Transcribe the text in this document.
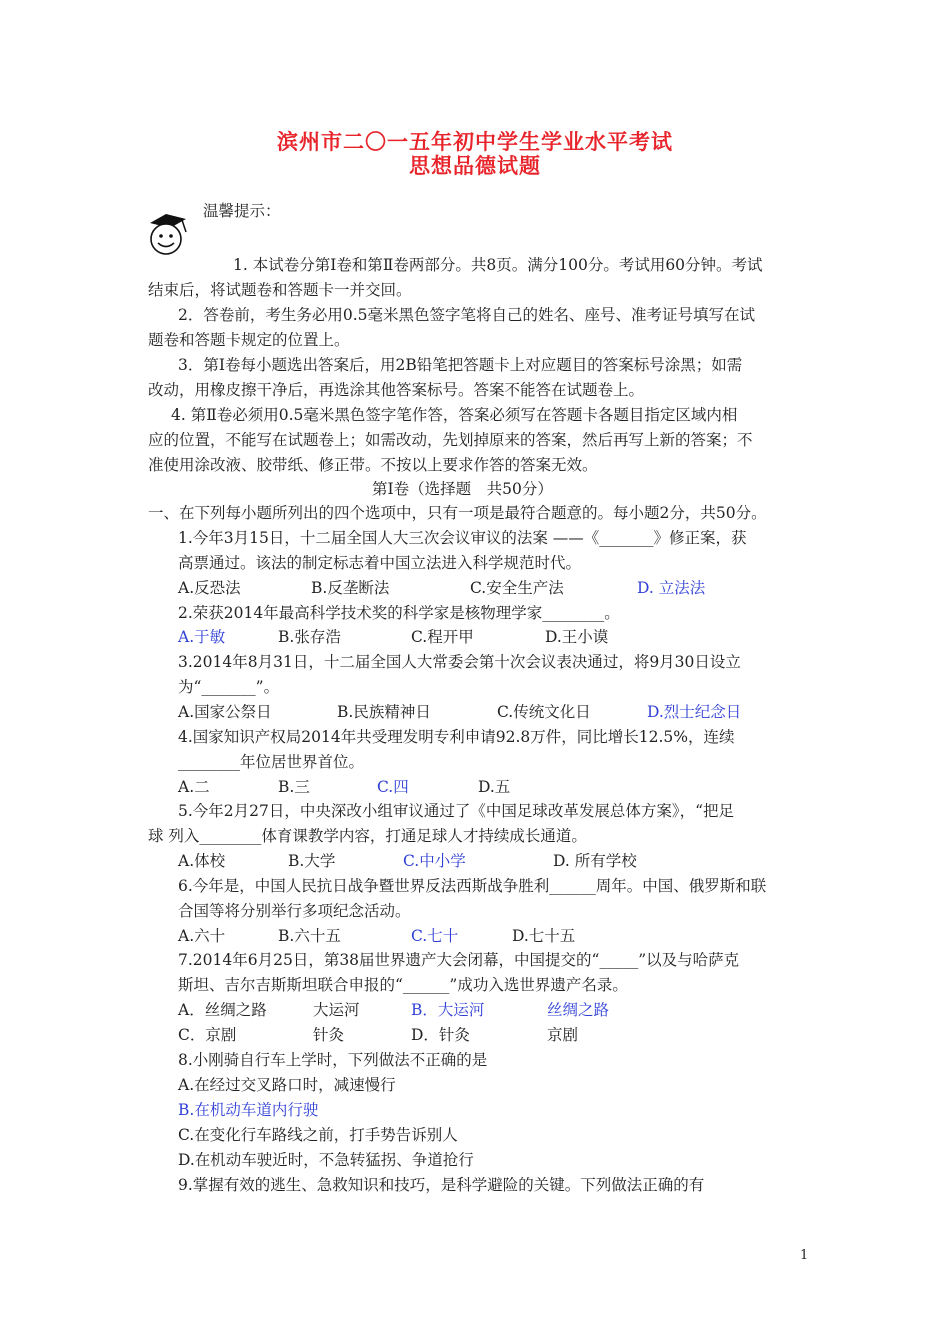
滨州市二〇一五年初中学生学业水平考试
思想品德试题
温馨提示：
1. 本试卷分第Ⅰ卷和第Ⅱ卷两部分。共8页。满分100分。考试用60分钟。考试
结束后，将试题卷和答题卡一并交回。
2．答卷前，考生务必用0.5毫米黑色签字笔将自己的姓名、座号、准考证号填写在试
题卷和答题卡规定的位置上。
3．第Ⅰ卷每小题选出答案后，用2B铅笔把答题卡上对应题目的答案标号涂黑；如需
改动，用橡皮擦干净后，再选涂其他答案标号。答案不能答在试题卷上。
4. 第Ⅱ卷必须用0.5毫米黑色签字笔作答，答案必须写在答题卡各题目指定区域内相
应的位置，不能写在试题卷上；如需改动，先划掉原来的答案，然后再写上新的答案；不
准使用涂改液、胶带纸、修正带。不按以上要求作答的答案无效。
第Ⅰ卷（选择题　共50分）
一、在下列每小题所列出的四个选项中，只有一项是最符合题意的。每小题2分，共50分。
1.今年3月15日，十二届全国人大三次会议审议的法案 ——《_______》修正案，获
高票通过。该法的制定标志着中国立法进入科学规范时代。
A.反恐法	B.反垄断法	C.安全生产法	D. 立法法
2.荣获2014年最高科学技术奖的科学家是核物理学家________。
A.于敏	B.张存浩	C.程开甲	D.王小谟
3.2014年8月31日，十二届全国人大常委会第十次会议表决通过，将9月30日设立
为“_______”。
A.国家公祭日	B.民族精神日	C.传统文化日	D.烈士纪念日
4.国家知识产权局2014年共受理发明专利申请92.8万件，同比增长12.5%，连续
________年位居世界首位。
A.二	B.三	C.四	D.五
5.今年2月27日，中央深改小组审议通过了《中国足球改革发展总体方案》，“把足
球 列入________体育课教学内容，打通足球人才持续成长通道。
A.体校	B.大学	C.中小学	D. 所有学校
6.今年是，中国人民抗日战争暨世界反法西斯战争胜利______周年。中国、俄罗斯和联
合国等将分别举行多项纪念活动。
A.六十	B.六十五	C.七十	D.七十五
7.2014年6月25日，第38届世界遗产大会闭幕，中国提交的“_____”以及与哈萨克
斯坦、吉尔吉斯斯坦联合申报的“______”成功入选世界遗产名录。
A．丝绸之路	大运河	B．大运河	丝绸之路
C．京剧	针灸	D．针灸	京剧
8.小刚骑自行车上学时，下列做法不正确的是
A.在经过交叉路口时，减速慢行
B.在机动车道内行驶
C.在变化行车路线之前，打手势告诉别人
D.在机动车驶近时，不急转猛拐、争道抢行
9.掌握有效的逃生、急救知识和技巧，是科学避险的关键。下列做法正确的有
1
